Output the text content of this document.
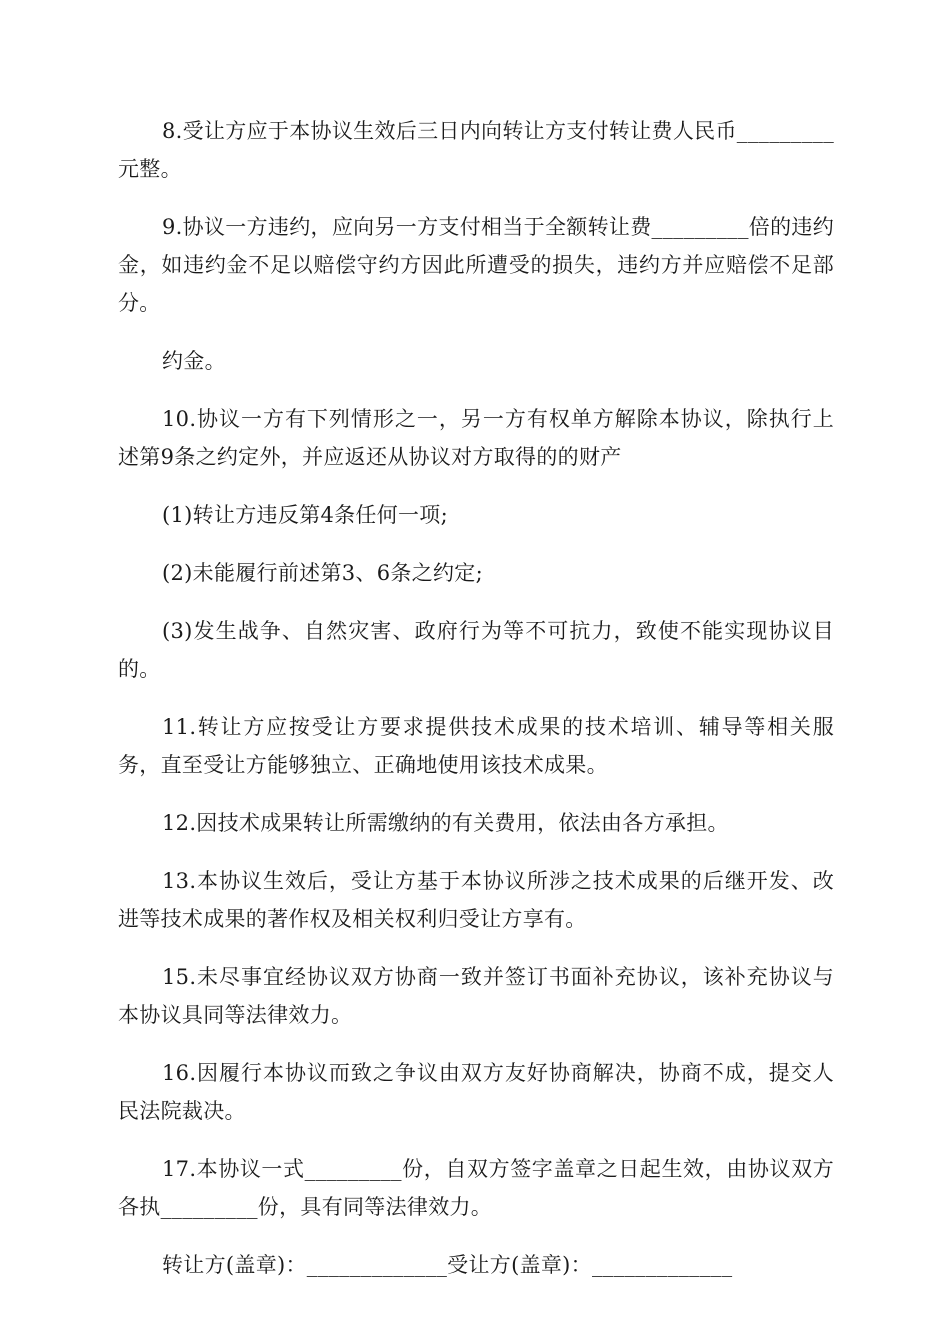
8.受让方应于本协议生效后三日内向转让方支付转让费人民币_________元整。

9.协议一方违约，应向另一方支付相当于全额转让费_________倍的违约金，如违约金不足以赔偿守约方因此所遭受的损失，违约方并应赔偿不足部分。

约金。

10.协议一方有下列情形之一，另一方有权单方解除本协议，除执行上述第9条之约定外，并应返还从协议对方取得的的财产

(1)转让方违反第4条任何一项;

(2)未能履行前述第3、6条之约定;

(3)发生战争、自然灾害、政府行为等不可抗力，致使不能实现协议目的。

11.转让方应按受让方要求提供技术成果的技术培训、辅导等相关服务，直至受让方能够独立、正确地使用该技术成果。

12.因技术成果转让所需缴纳的有关费用，依法由各方承担。

13.本协议生效后，受让方基于本协议所涉之技术成果的后继开发、改进等技术成果的著作权及相关权利归受让方享有。

15.未尽事宜经协议双方协商一致并签订书面补充协议，该补充协议与本协议具同等法律效力。

16.因履行本协议而致之争议由双方友好协商解决，协商不成，提交人民法院裁决。

17.本协议一式_________份，自双方签字盖章之日起生效，由协议双方各执_________份，具有同等法律效力。

转让方(盖章)：_____________受让方(盖章)：_____________
